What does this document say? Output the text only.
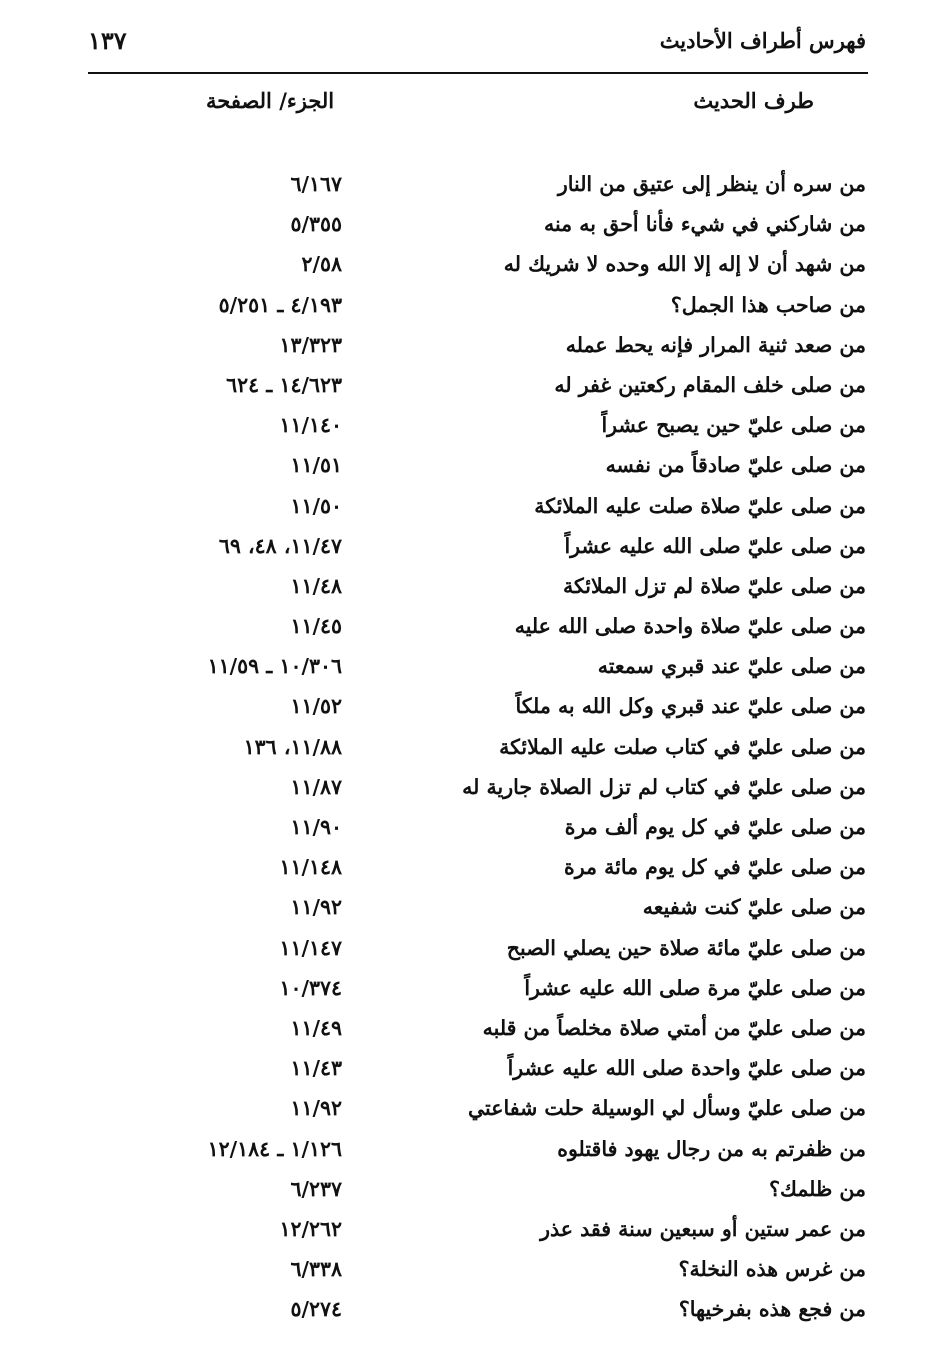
فهرس أطراف الأحاديث
١٣٧
طرف الحديث
الجزء/ الصفحة
من سره أن ينظر إلى عتيق من النار
٦/١٦٧
من شاركني في شيء فأنا أحق به منه
٥/٣٥٥
من شهد أن لا إله إلا الله وحده لا شريك له
٢/٥٨
من صاحب هذا الجمل؟
٤/١٩٣ ـ ٥/٢٥١
من صعد ثنية المرار فإنه يحط عمله
١٣/٣٢٣
من صلى خلف المقام ركعتين غفر له
١٤/٦٢٣ ـ ٦٢٤
من صلى عليّ حين يصبح عشراً
١١/١٤٠
من صلى عليّ صادقاً من نفسه
١١/٥١
من صلى عليّ صلاة صلت عليه الملائكة
١١/٥٠
من صلى عليّ صلى الله عليه عشراً
١١/٤٧، ٤٨، ٦٩
من صلى عليّ صلاة لم تزل الملائكة
١١/٤٨
من صلى عليّ صلاة واحدة صلى الله عليه
١١/٤٥
من صلى عليّ عند قبري سمعته
١٠/٣٠٦ ـ ١١/٥٩
من صلى عليّ عند قبري وكل الله به ملكاً
١١/٥٢
من صلى عليّ في كتاب صلت عليه الملائكة
١١/٨٨، ١٣٦
من صلى عليّ في كتاب لم تزل الصلاة جارية له
١١/٨٧
من صلى عليّ في كل يوم ألف مرة
١١/٩٠
من صلى عليّ في كل يوم مائة مرة
١١/١٤٨
من صلى عليّ كنت شفيعه
١١/٩٢
من صلى عليّ مائة صلاة حين يصلي الصبح
١١/١٤٧
من صلى عليّ مرة صلى الله عليه عشراً
١٠/٣٧٤
من صلى عليّ من أمتي صلاة مخلصاً من قلبه
١١/٤٩
من صلى عليّ واحدة صلى الله عليه عشراً
١١/٤٣
من صلى عليّ وسأل لي الوسيلة حلت شفاعتي
١١/٩٢
من ظفرتم به من رجال يهود فاقتلوه
١/١٢٦ ـ ١٢/١٨٤
من ظلمك؟
٦/٢٣٧
من عمر ستين أو سبعين سنة فقد عذر
١٢/٢٦٢
من غرس هذه النخلة؟
٦/٣٣٨
من فجع هذه بفرخيها؟
٥/٢٧٤
